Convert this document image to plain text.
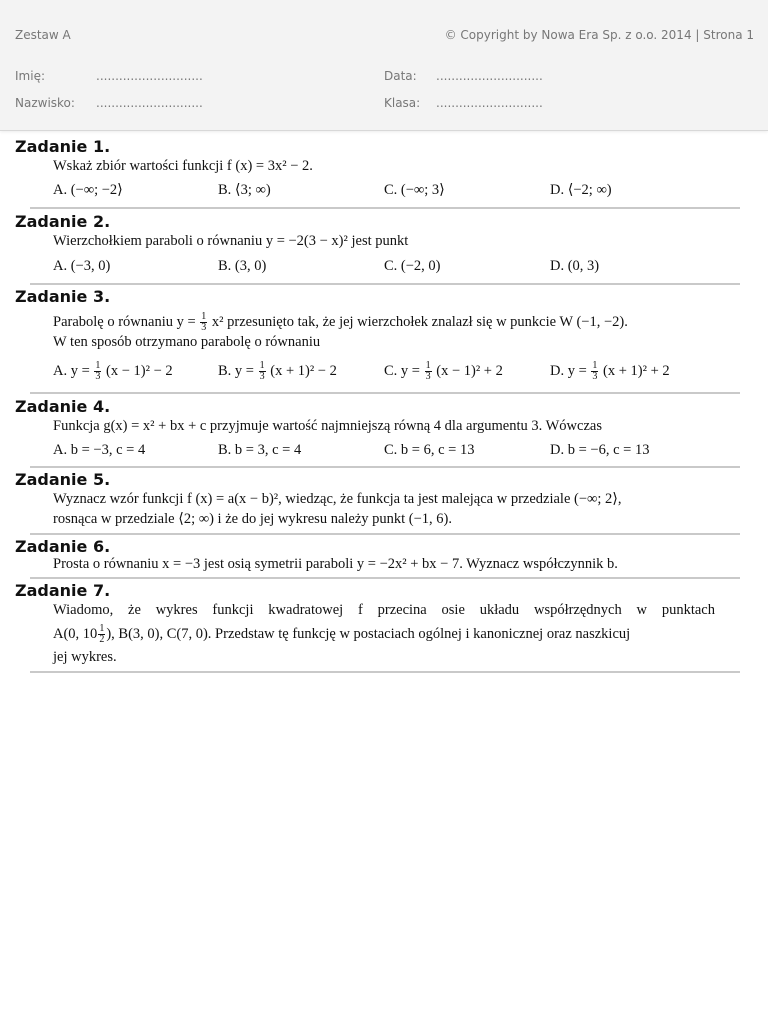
Zestaw A	© Copyright by Nowa Era Sp. z o.o. 2014 | Strona 1
Imię:	............................	Data: ............................
Nazwisko: ............................	Klasa: ............................
Zadanie 1.
Wskaż zbiór wartości funkcji f (x) = 3x² − 2.
A. (−∞; −2⟩	B. ⟨3; ∞)	C. (−∞; 3⟩	D. ⟨−2; ∞)
Zadanie 2.
Wierzchołkiem paraboli o równaniu y = −2(3 − x)² jest punkt
A. (−3, 0)	B. (3, 0)	C. (−2, 0)	D. (0, 3)
Zadanie 3.
Parabolę o równaniu $y = \frac{1}{3} x^2$ przesunięto tak, że jej wierzchołek znalazł się w punkcie W (−1, −2).
W ten sposób otrzymano parabolę o równaniu
A. $y = \frac{1}{3} (x - 1)^2 - 2$	B. $y = \frac{1}{3} (x + 1)^2 - 2$	C. $y = \frac{1}{3} (x - 1)^2 + 2$	D. $y = \frac{1}{3} (x + 1)^2 + 2$
Zadanie 4.
Funkcja g(x) = x² + bx + c przyjmuje wartość najmniejszą równą 4 dla argumentu 3. Wówczas
A. b = −3, c = 4	B. b = 3, c = 4	C. b = 6, c = 13	D. b = −6, c = 13
Zadanie 5.
Wyznacz wzór funkcji f (x) = a(x − b)², wiedząc, że funkcja ta jest malejąca w przedziale (−∞; 2⟩,
rosnąca w przedziale ⟨2; ∞) i że do jej wykresu należy punkt (−1, 6).
Zadanie 6.
Prosta o równaniu x = −3 jest osią symetrii paraboli y = −2x² + bx − 7. Wyznacz współczynnik b.
Zadanie 7.
Wiadomo, że wykres funkcji kwadratowej f przecina osie układu współrzędnych w punktach
A(0, $10 \frac{1}{2}$ ), B(3, 0), C(7, 0). Przedstaw tę funkcję w postaciach ogólnej i kanonicznej oraz naszkicuj
jej wykres.
